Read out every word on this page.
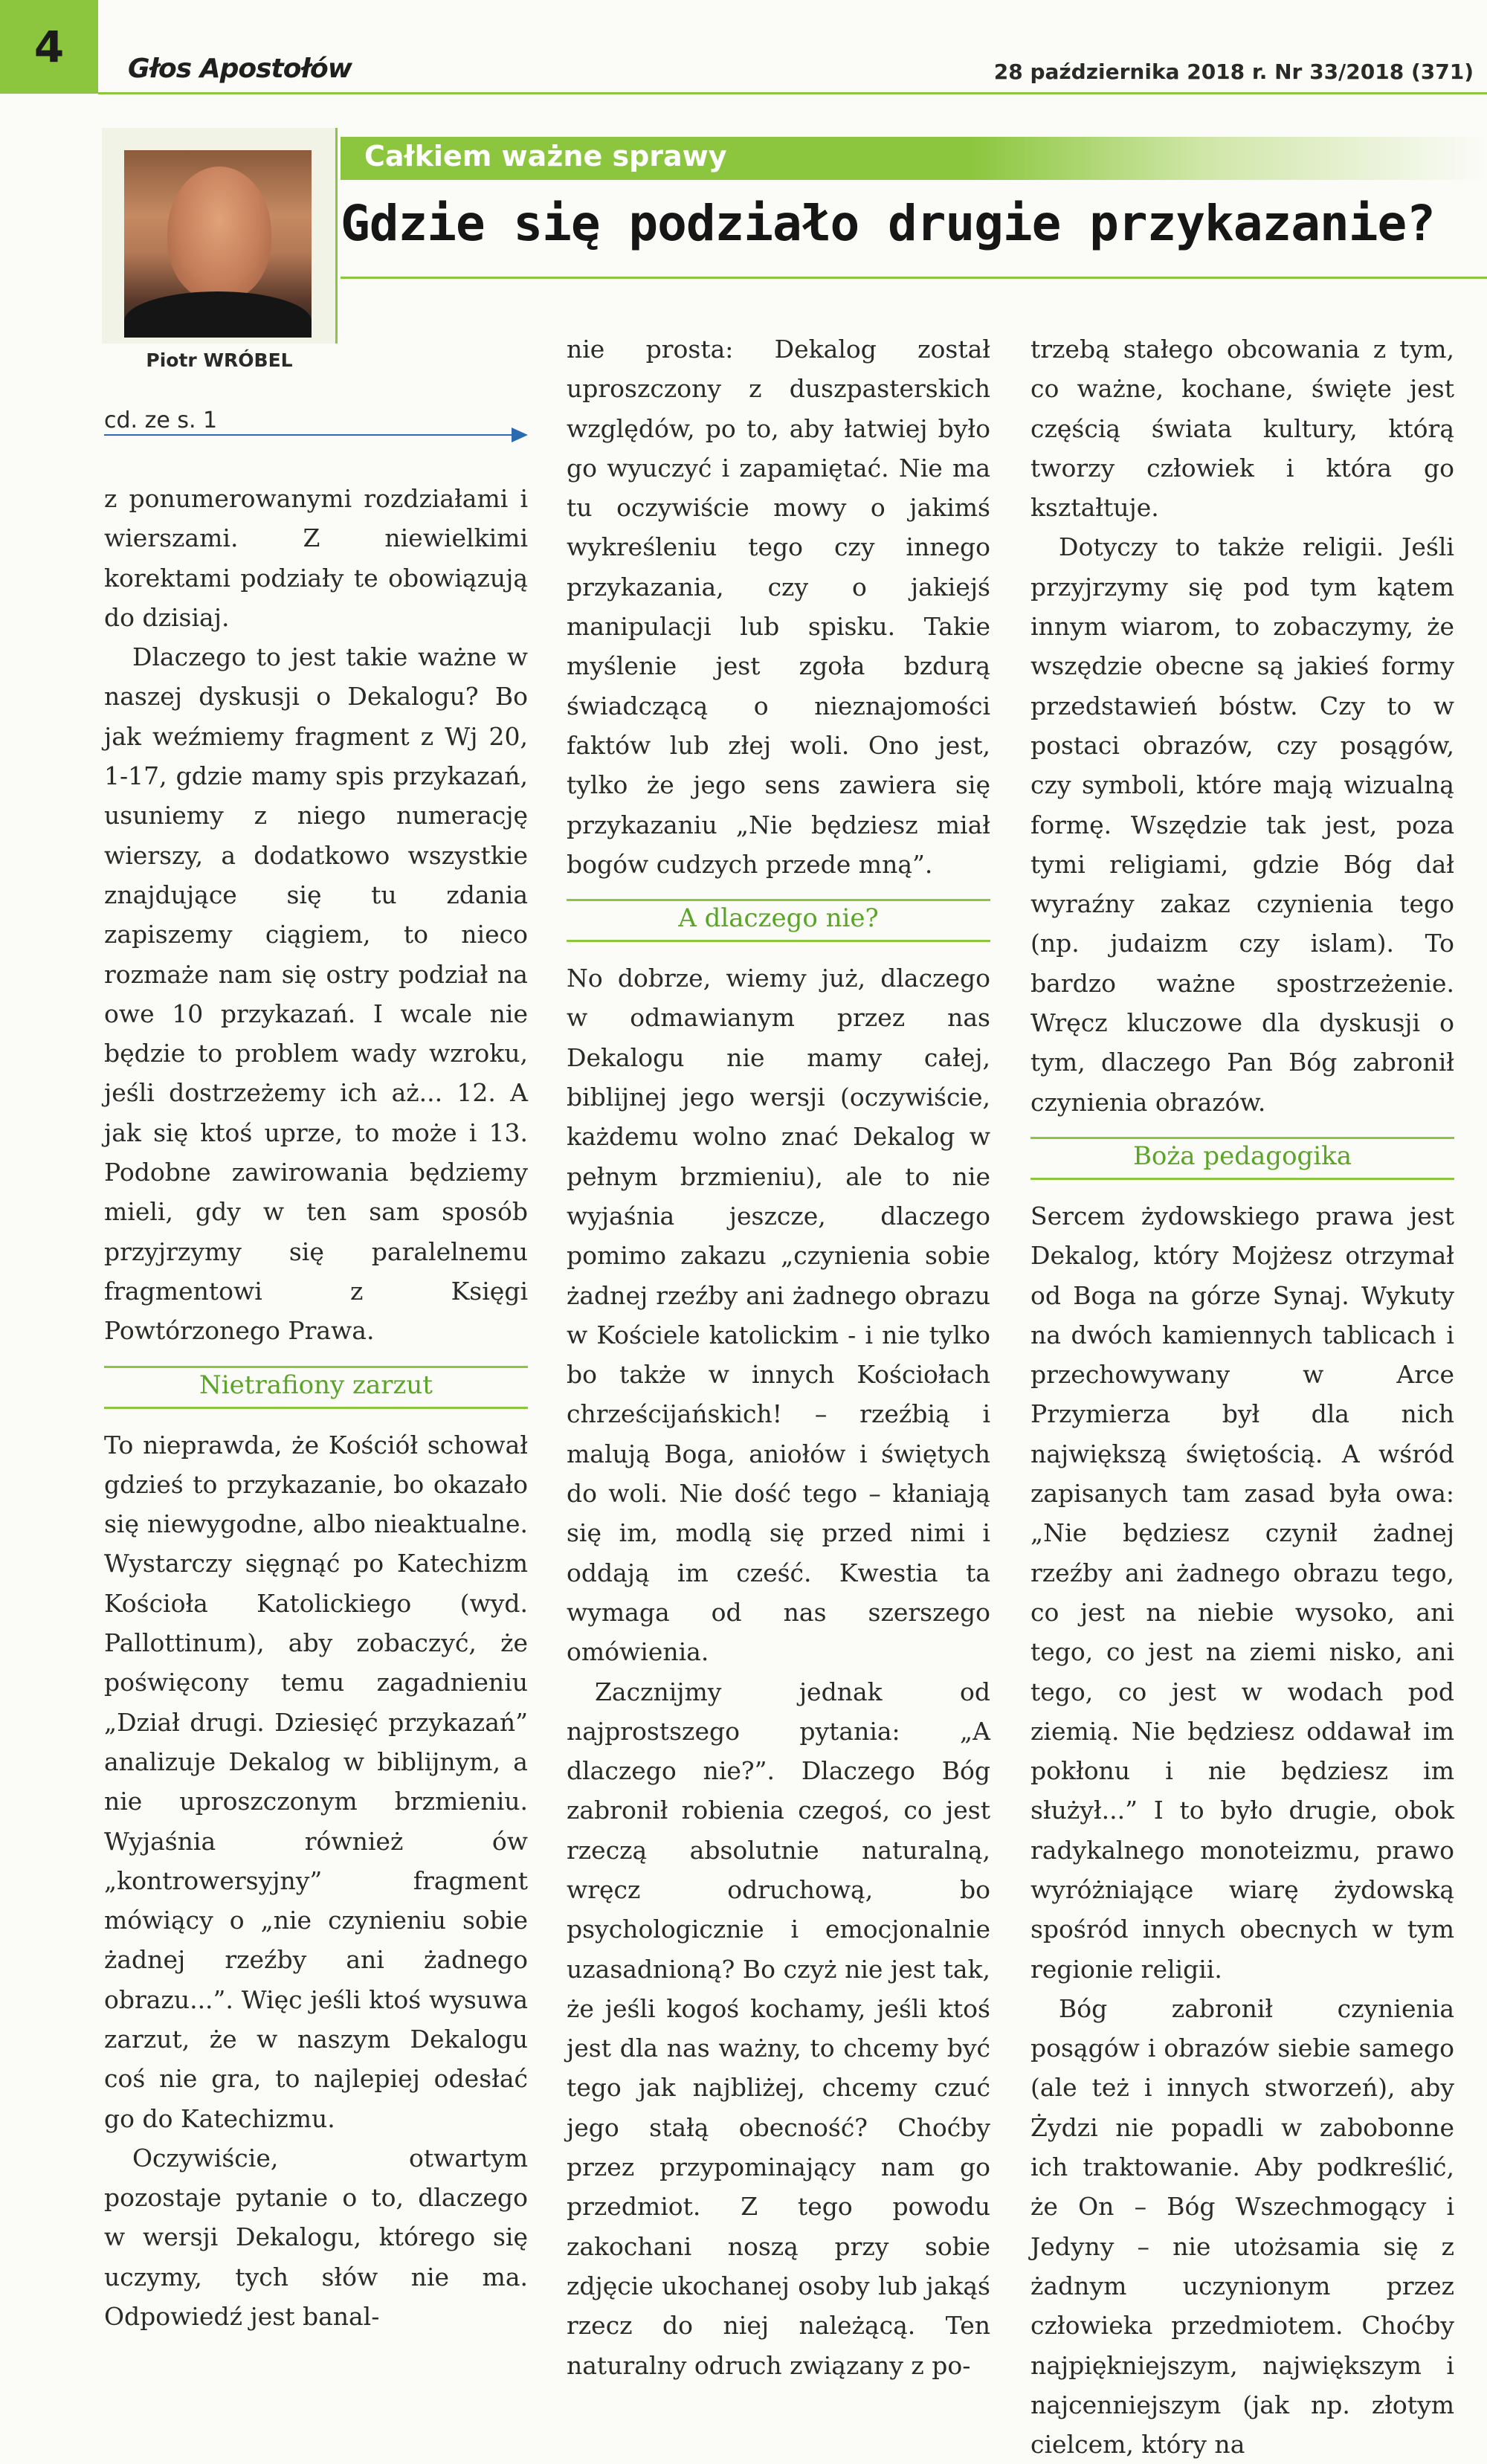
4	Głos Apostołów	28 października 2018 r. Nr 33/2018 (371)
Piotr WRÓBEL
cd. ze s. 1
Całkiem ważne sprawy
Gdzie się podziało drugie przykazanie?

z ponumerowanymi rozdziałami i wierszami. Z niewielkimi korektami podziały te obowiązują do dzisiaj.

Dlaczego to jest takie ważne w naszej dyskusji o Dekalogu? Bo jak weźmiemy fragment z Wj 20, 1-17, gdzie mamy spis przykazań, usuniemy z niego numerację wierszy, a dodatkowo wszystkie znajdujące się tu zdania zapiszemy ciągiem, to nieco rozmaże nam się ostry podział na owe 10 przykazań. I wcale nie będzie to problem wady wzroku, jeśli dostrzeżemy ich aż... 12. A jak się ktoś uprze, to może i 13. Podobne zawirowania będziemy mieli, gdy w ten sam sposób przyjrzymy się paralelnemu fragmentowi z Księgi Powtórzonego Prawa.

Nietrafiony zarzut

To nieprawda, że Kościół schował gdzieś to przykazanie, bo okazało się niewygodne, albo nieaktualne. Wystarczy sięgnąć po Katechizm Kościoła Katolickiego (wyd. Pallottinum), aby zobaczyć, że poświęcony temu zagadnieniu „Dział drugi. Dziesięć przykazań” analizuje Dekalog w biblijnym, a nie uproszczonym brzmieniu. Wyjaśnia również ów „kontrowersyjny” fragment mówiący o „nie czynieniu sobie żadnej rzeźby ani żadnego obrazu...”. Więc jeśli ktoś wysuwa zarzut, że w naszym Dekalogu coś nie gra, to najlepiej odesłać go do Katechizmu.

Oczywiście, otwartym pozostaje pytanie o to, dlaczego w wersji Dekalogu, którego się uczymy, tych słów nie ma. Odpowiedź jest banal-

nie prosta: Dekalog został uproszczony z duszpasterskich względów, po to, aby łatwiej było go wyuczyć i zapamiętać. Nie ma tu oczywiście mowy o jakimś wykreśleniu tego czy innego przykazania, czy o jakiejś manipulacji lub spisku. Takie myślenie jest zgoła bzdurą świadczącą o nieznajomości faktów lub złej woli. Ono jest, tylko że jego sens zawiera się przykazaniu „Nie będziesz miał bogów cudzych przede mną”.

A dlaczego nie?

No dobrze, wiemy już, dlaczego w odmawianym przez nas Dekalogu nie mamy całej, biblijnej jego wersji (oczywiście, każdemu wolno znać Dekalog w pełnym brzmieniu), ale to nie wyjaśnia jeszcze, dlaczego pomimo zakazu „czynienia sobie żadnej rzeźby ani żadnego obrazu w Kościele katolickim - i nie tylko bo także w innych Kościołach chrześcijańskich! – rzeźbią i malują Boga, aniołów i świętych do woli. Nie dość tego – kłaniają się im, modlą się przed nimi i oddają im cześć. Kwestia ta wymaga od nas szerszego omówienia.

Zacznijmy jednak od najprostszego pytania: „A dlaczego nie?”. Dlaczego Bóg zabronił robienia czegoś, co jest rzeczą absolutnie naturalną, wręcz odruchową, bo psychologicznie i emocjonalnie uzasadnioną? Bo czyż nie jest tak, że jeśli kogoś kochamy, jeśli ktoś jest dla nas ważny, to chcemy być tego jak najbliżej, chcemy czuć jego stałą obecność? Choćby przez przypominający nam go przedmiot. Z tego powodu zakochani noszą przy sobie zdjęcie ukochanej osoby lub jakąś rzecz do niej należącą. Ten naturalny odruch związany z po-

trzebą stałego obcowania z tym, co ważne, kochane, święte jest częścią świata kultury, którą tworzy człowiek i która go kształtuje.

Dotyczy to także religii. Jeśli przyjrzymy się pod tym kątem innym wiarom, to zobaczymy, że wszędzie obecne są jakieś formy przedstawień bóstw. Czy to w postaci obrazów, czy posągów, czy symboli, które mają wizualną formę. Wszędzie tak jest, poza tymi religiami, gdzie Bóg dał wyraźny zakaz czynienia tego (np. judaizm czy islam). To bardzo ważne spostrzeżenie. Wręcz kluczowe dla dyskusji o tym, dlaczego Pan Bóg zabronił czynienia obrazów.

Boża pedagogika

Sercem żydowskiego prawa jest Dekalog, który Mojżesz otrzymał od Boga na górze Synaj. Wykuty na dwóch kamiennych tablicach i przechowywany w Arce Przymierza był dla nich największą świętością. A wśród zapisanych tam zasad była owa: „Nie będziesz czynił żadnej rzeźby ani żadnego obrazu tego, co jest na niebie wysoko, ani tego, co jest na ziemi nisko, ani tego, co jest w wodach pod ziemią. Nie będziesz oddawał im pokłonu i nie będziesz im służył...” I to było drugie, obok radykalnego monoteizmu, prawo wyróżniające wiarę żydowską spośród innych obecnych w tym regionie religii.

Bóg zabronił czynienia posągów i obrazów siebie samego (ale też i innych stworzeń), aby Żydzi nie popadli w zabobonne ich traktowanie. Aby podkreślić, że On – Bóg Wszechmogący i Jedyny – nie utożsamia się z żadnym uczynionym przez człowieka przedmiotem. Choćby najpiękniejszym, największym i najcenniejszym (jak np. złotym cielcem, który na
